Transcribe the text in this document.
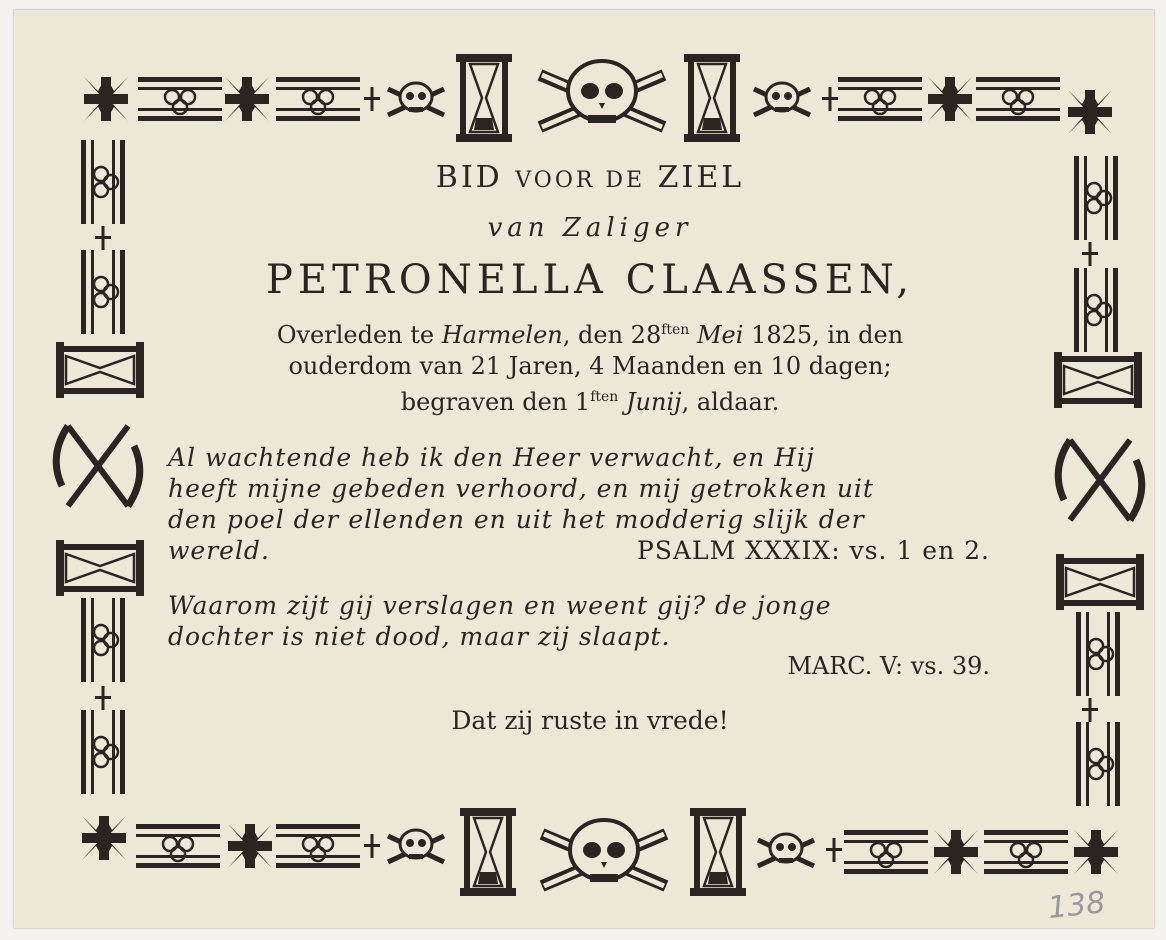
BID VOOR DE ZIEL

van Zaliger

PETRONELLA CLAASSEN,

Overleden te Harmelen, den $28^{ften}$ Mei 1825, in den
ouderdom van 21 Jaren, 4 Maanden en 10 dagen;
begraven den $1^{ften}$ Junij, aldaar.
Al wachtende heb ik den Heer verwacht, en Hij
heeft mijne gebeden verhoord, en mij getrokken uit
den poel der ellenden en uit het modderig slijk der
wereld.	PSALM XXXIX: vs. 1 en 2.
Waarom zijt gij verslagen en weent gij? de jonge
dochter is niet dood, maar zij slaapt.

MARC. V: vs. 39.

Dat zij ruste in vrede!

138
